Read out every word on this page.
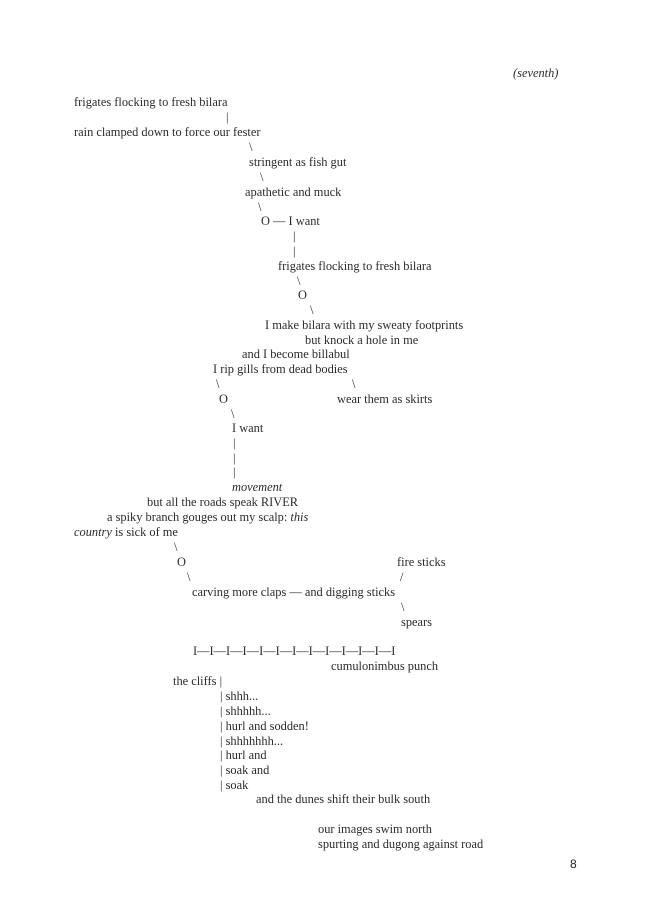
(seventh)
frigates flocking to fresh bilara
|
rain clamped down to force our fester
\
stringent as fish gut
\
apathetic and muck
\
O — I want
|
|
frigates flocking to fresh bilara
\
O
\
I make bilara with my sweaty footprints
but knock a hole in me
and I become billabul
I rip gills from dead bodies
\	\
O	wear them as skirts
\
I want
|
|
|
movement
but all the roads speak RIVER
a spiky branch gouges out my scalp: this
country is sick of me
\
O	fire sticks
\	/
carving more claps — and digging sticks
\
spears
I—I—I—I—I—I—I—I—I—I—I—I—I
cumulonimbus punch
the cliffs |
| shhh...
| shhhhh...
| hurl and sodden!
| shhhhhhh...
| hurl and
| soak and
| soak
and the dunes shift their bulk south
our images swim north
spurting and dugong against road
8
